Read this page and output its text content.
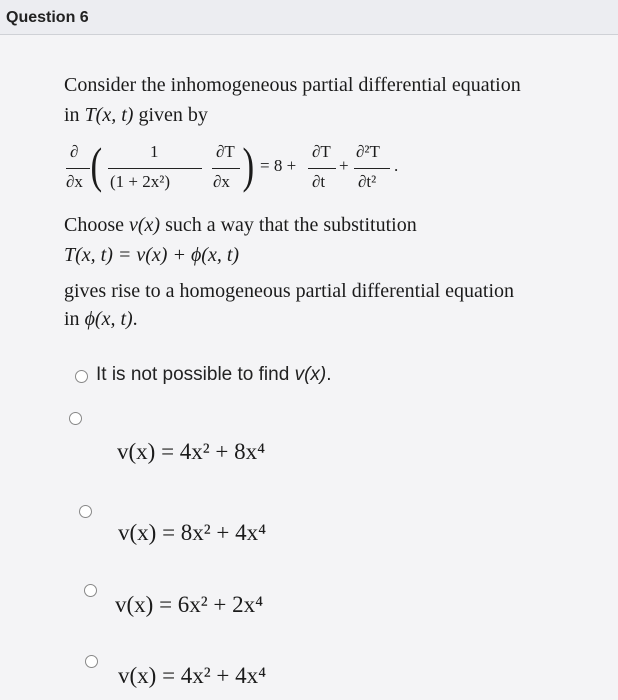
Question 6
Consider the inhomogeneous partial differential equation
in T(x, t) given by
∂
∂x (	1
(1 + 2x²)
∂T
∂x ) = 8 +
∂T
∂t
+
∂²T
∂t²
.
Choose v(x) such a way that the substitution
T(x, t) = v(x) + ϕ(x, t)
gives rise to a homogeneous partial differential equation
in ϕ(x, t).
It is not possible to find v(x).
v(x) = 4x² + 8x⁴
v(x) = 8x² + 4x⁴
v(x) = 6x² + 2x⁴
v(x) = 4x² + 4x⁴
